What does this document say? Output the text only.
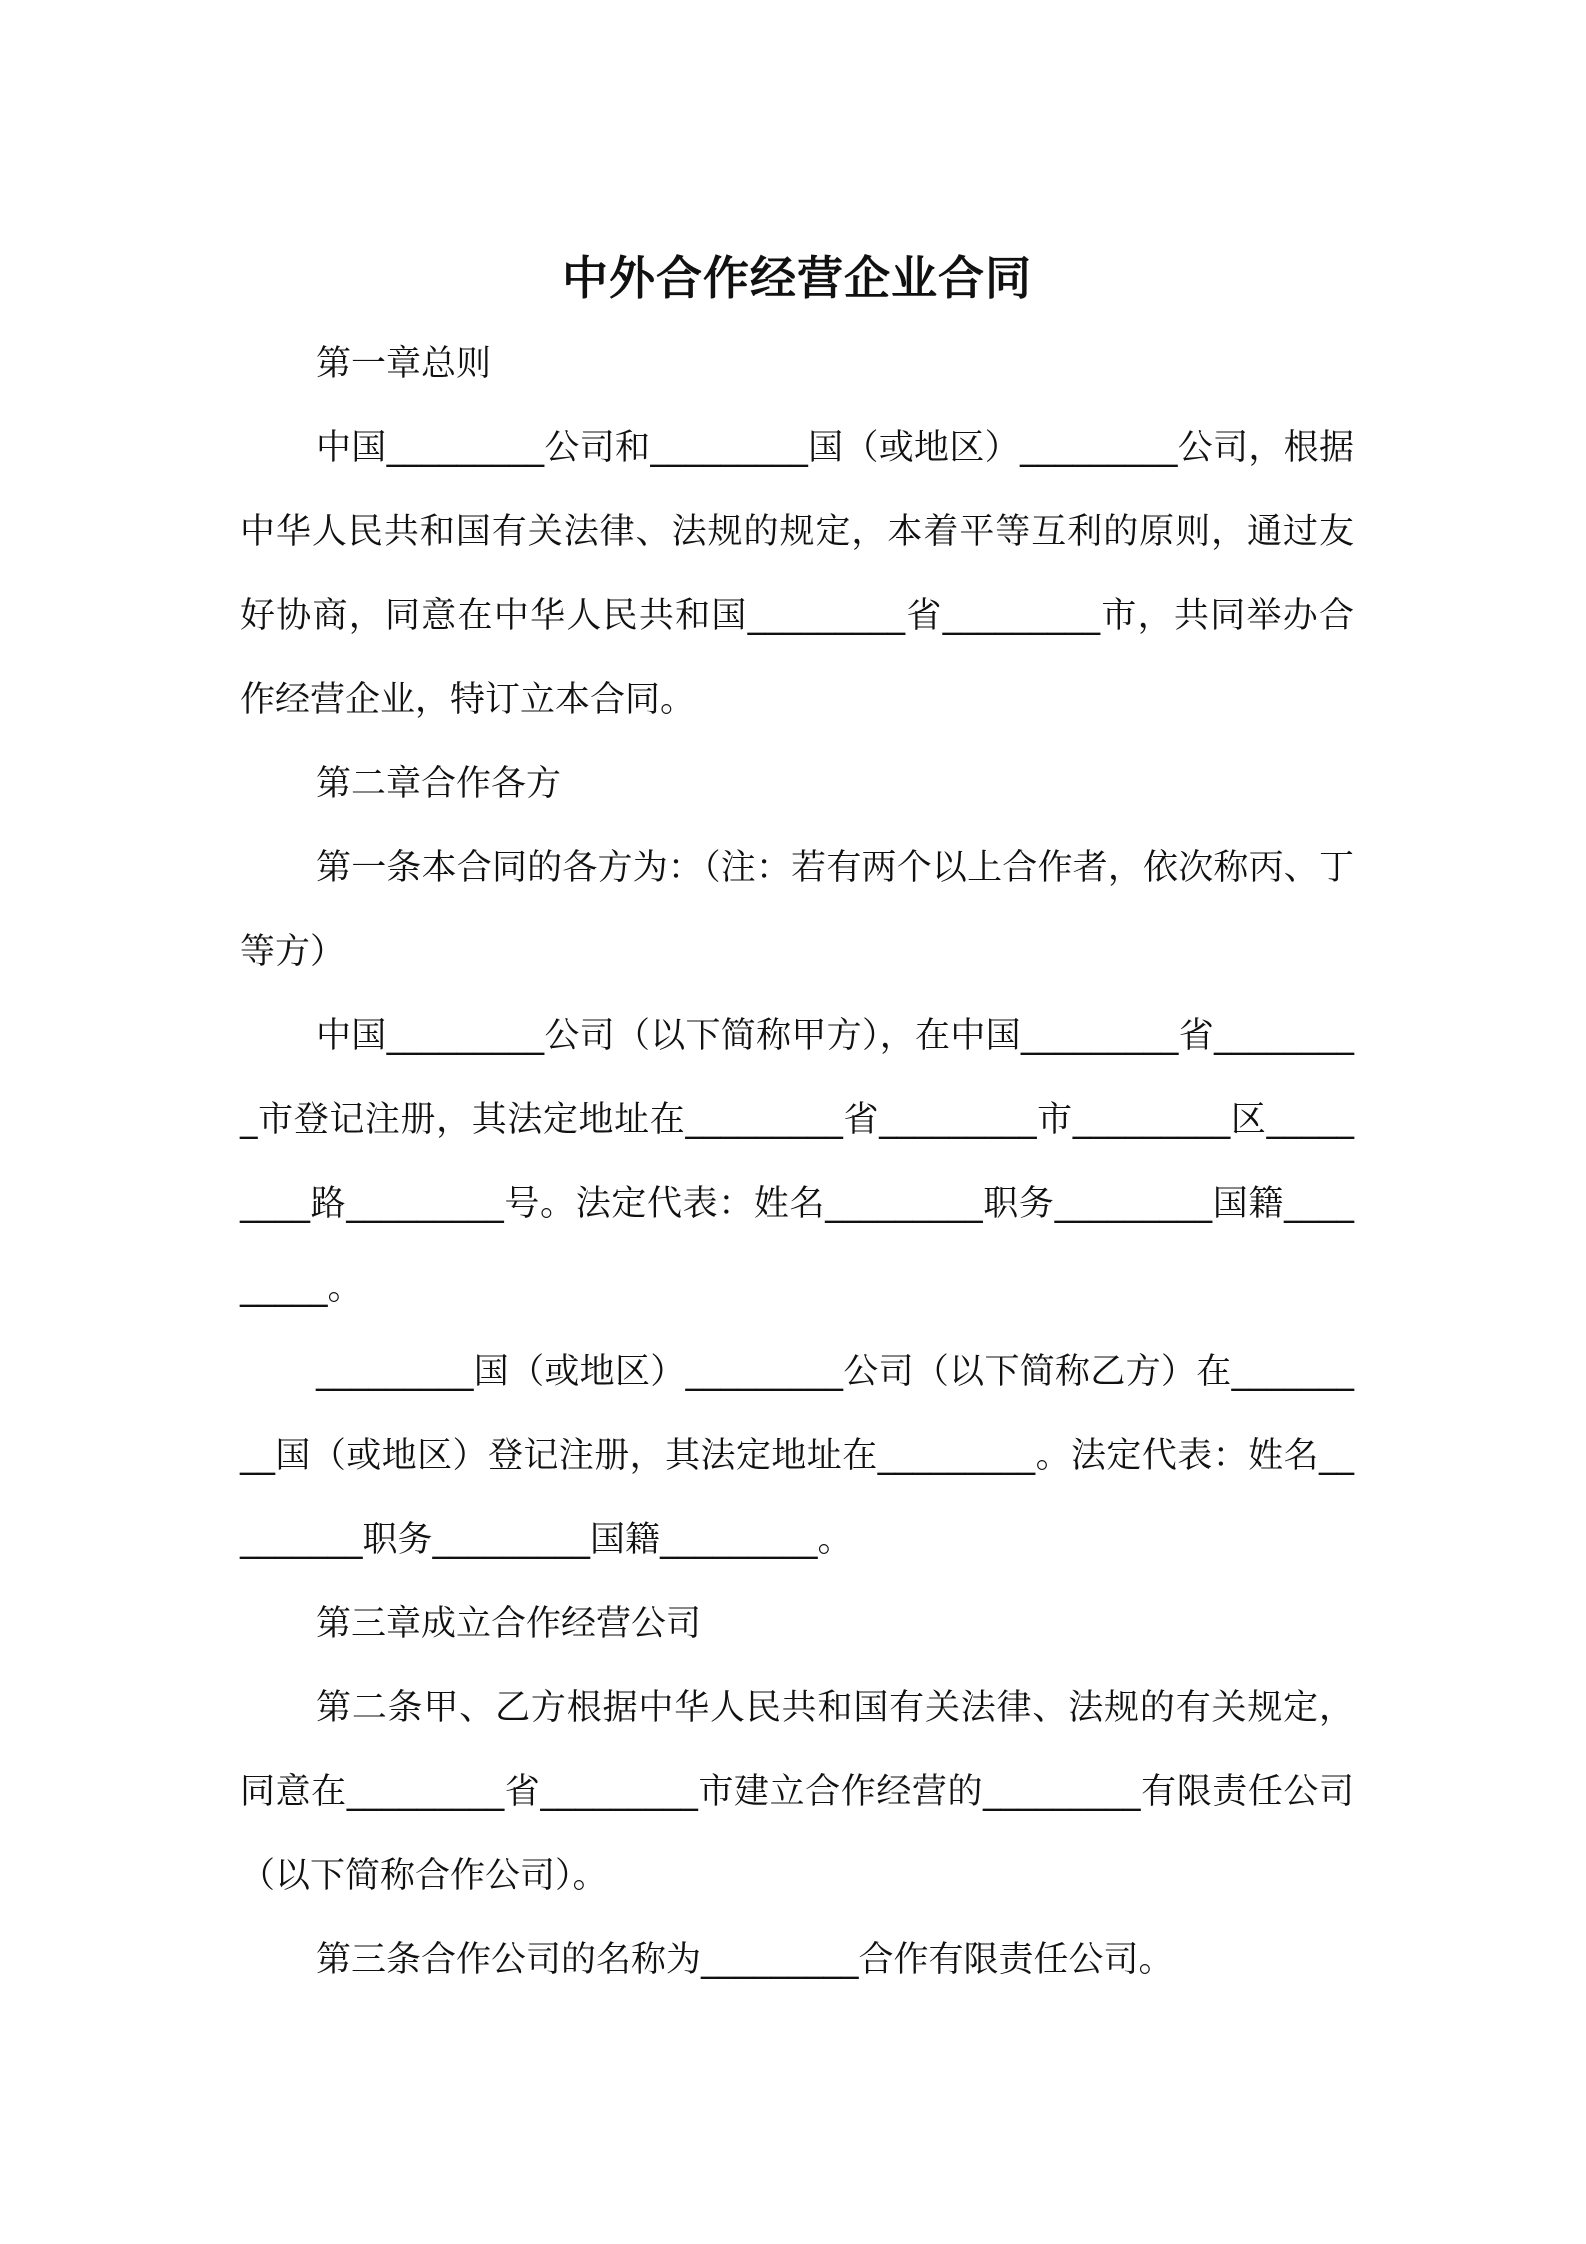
中外合作经营企业合同

第一章总则

中国_________公司和_________国（或地区）_________公司，根据中华人民共和国有关法律、法规的规定，本着平等互利的原则，通过友好协商，同意在中华人民共和国_________省_________市，共同举办合作经营企业，特订立本合同。

第二章合作各方

第一条本合同的各方为：（注：若有两个以上合作者，依次称丙、丁等方）

中国_________公司（以下简称甲方），在中国_________省_________市登记注册，其法定地址在_________省_________市_________区_________路_________号。法定代表：姓名_________职务_________国籍_________。

_________国（或地区）_________公司（以下简称乙方）在_________国（或地区）登记注册，其法定地址在_________。法定代表：姓名_________职务_________国籍_________。

第三章成立合作经营公司

第二条甲、乙方根据中华人民共和国有关法律、法规的有关规定，同意在_________省_________市建立合作经营的_________有限责任公司（以下简称合作公司）。

第三条合作公司的名称为_________合作有限责任公司。
